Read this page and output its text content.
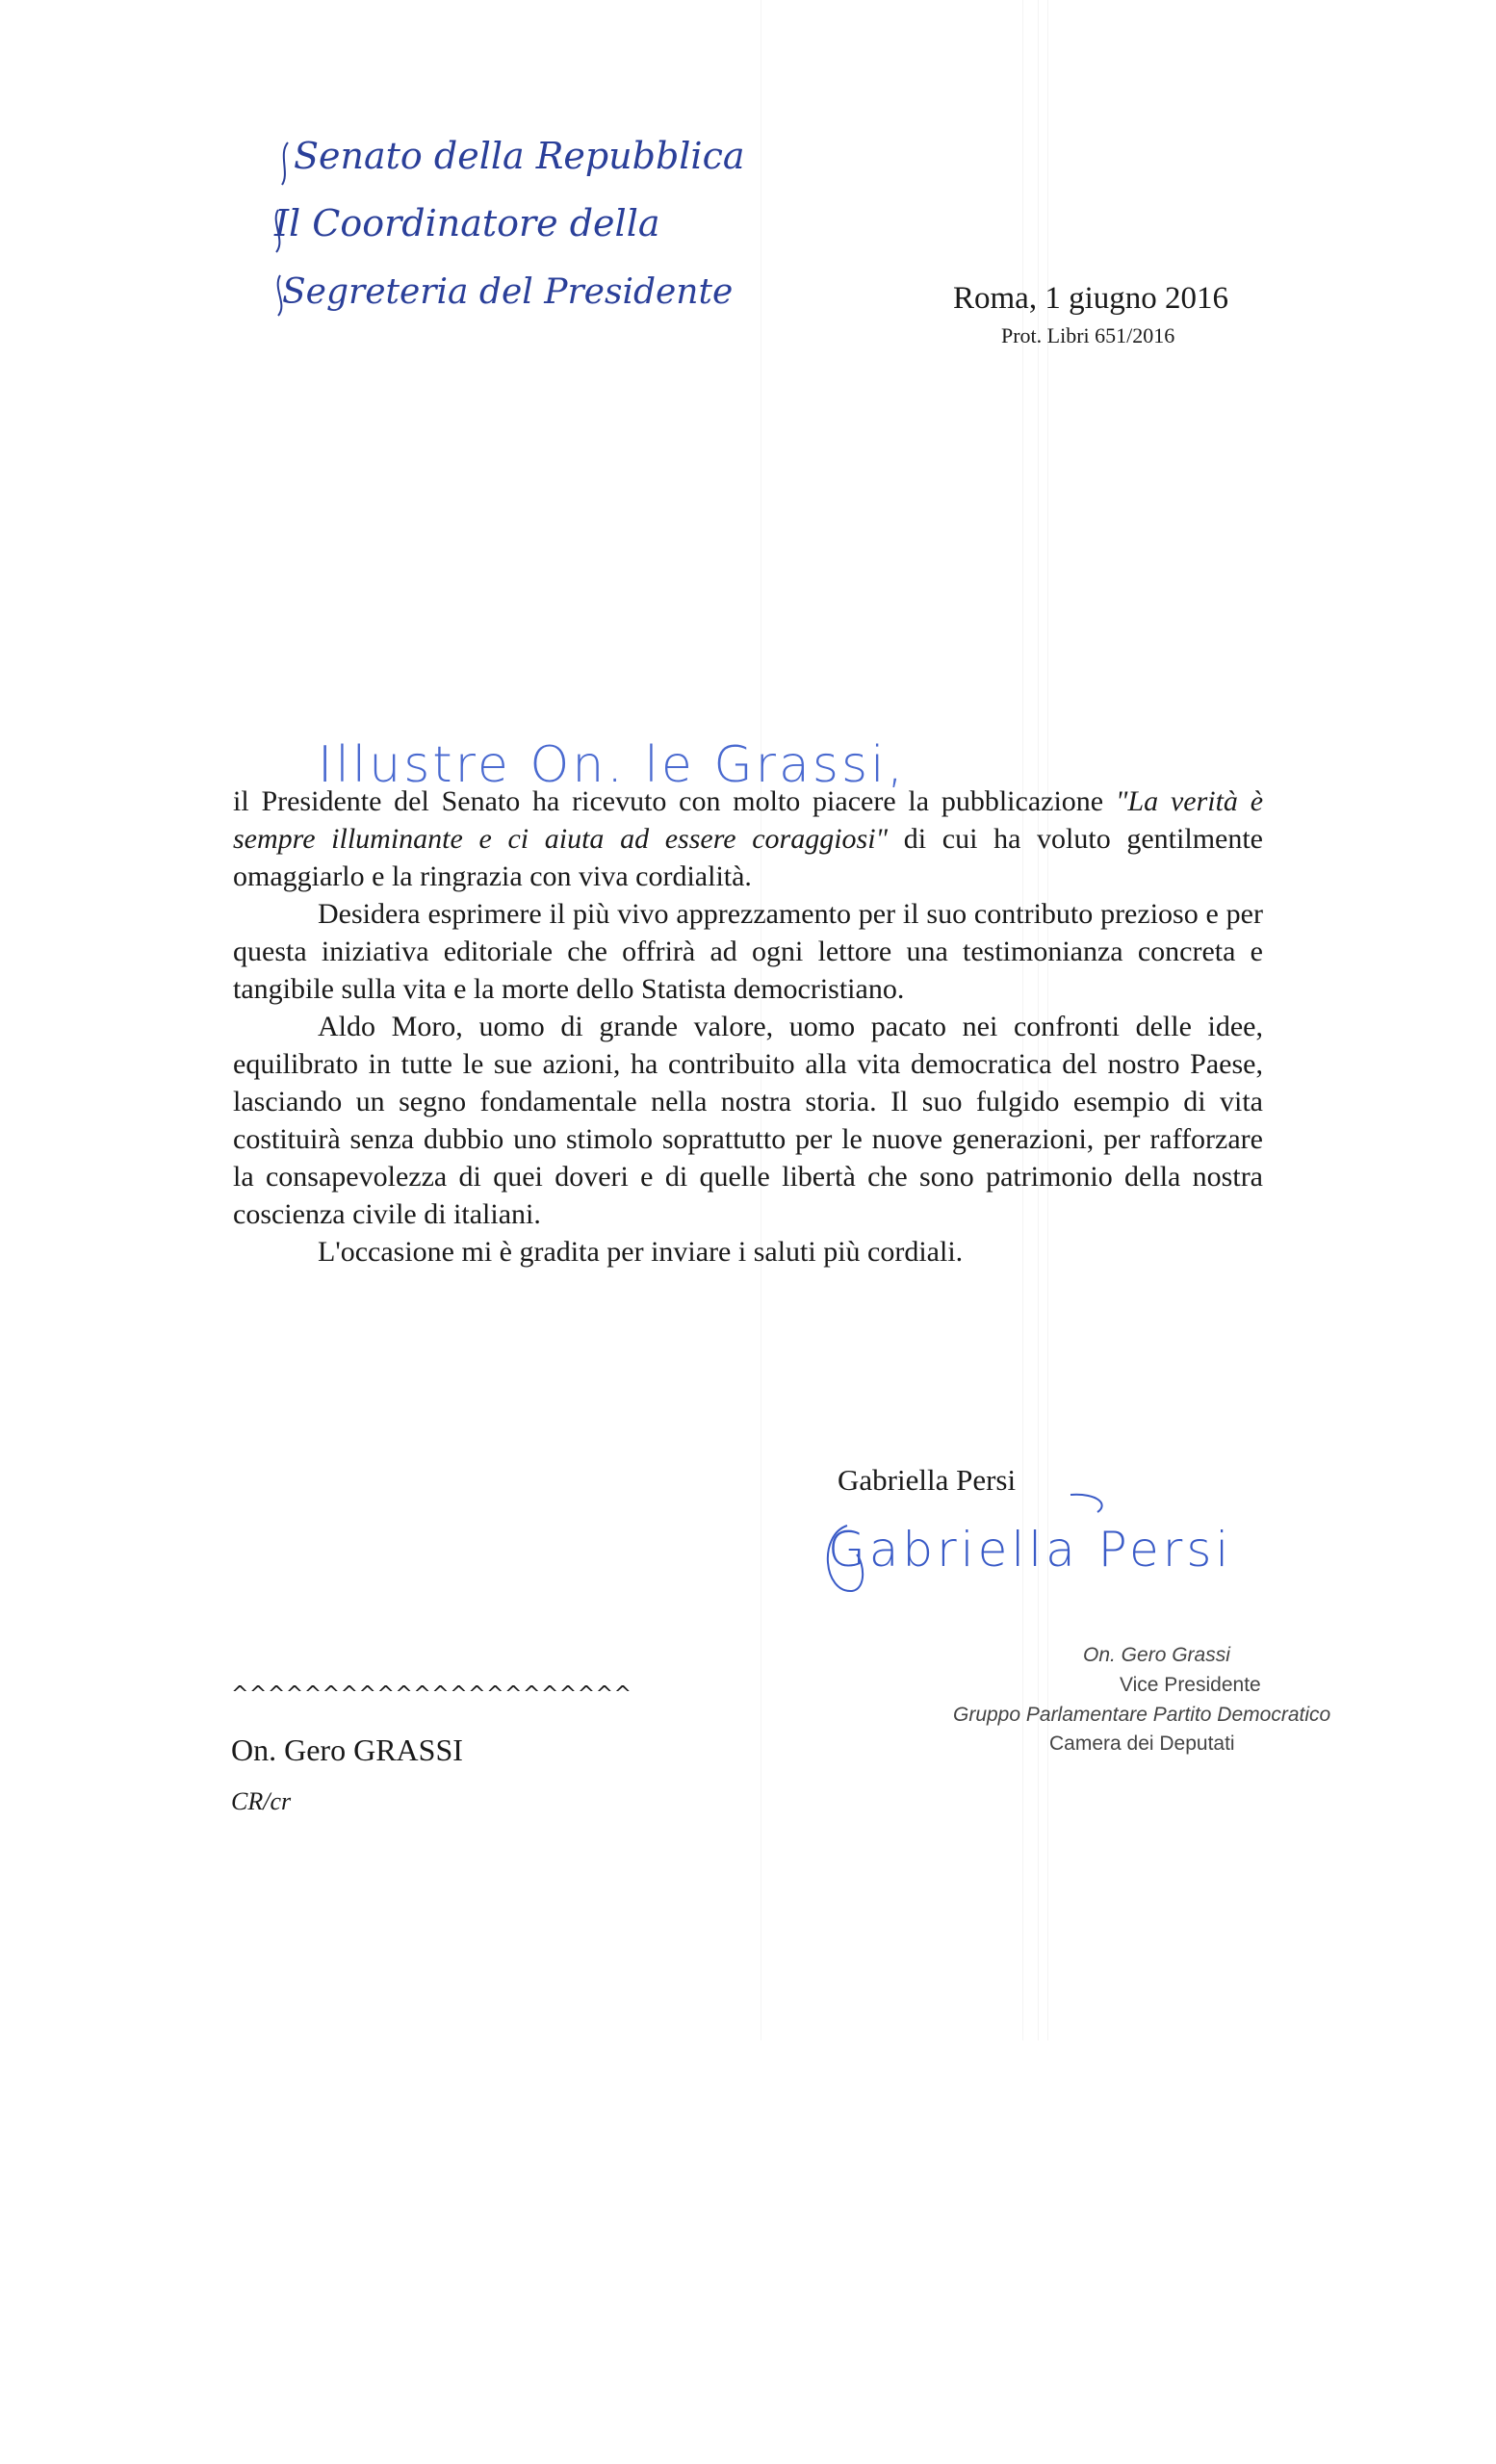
Senato della Repubblica
Il Coordinatore della
Segreteria del Presidente	Roma, 1 giugno 2016
Prot. Libri 651/2016
Illustre On. le Grassi,

il Presidente del Senato ha ricevuto con molto piacere la pubblicazione "La verità è sempre illuminante e ci aiuta ad essere coraggiosi" di cui ha voluto gentilmente omaggiarlo e la ringrazia con viva cordialità.

Desidera esprimere il più vivo apprezzamento per il suo contributo prezioso e per questa iniziativa editoriale che offrirà ad ogni lettore una testimonianza concreta e tangibile sulla vita e la morte dello Statista democristiano.

Aldo Moro, uomo di grande valore, uomo pacato nei confronti delle idee, equilibrato in tutte le sue azioni, ha contribuito alla vita democratica del nostro Paese, lasciando un segno fondamentale nella nostra storia. Il suo fulgido esempio di vita costituirà senza dubbio uno stimolo soprattutto per le nuove generazioni, per rafforzare la consapevolezza di quei doveri e di quelle libertà che sono patrimonio della nostra coscienza civile di italiani.

L'occasione mi è gradita per inviare i saluti più cordiali.

Gabriella Persi
Gabriella Persi
^^^^^^^^^^^^^^^^^^^^^^
On. Gero GRASSI
CR/cr
On. Gero Grassi
Vice Presidente
Gruppo Parlamentare Partito Democratico
Camera dei Deputati
